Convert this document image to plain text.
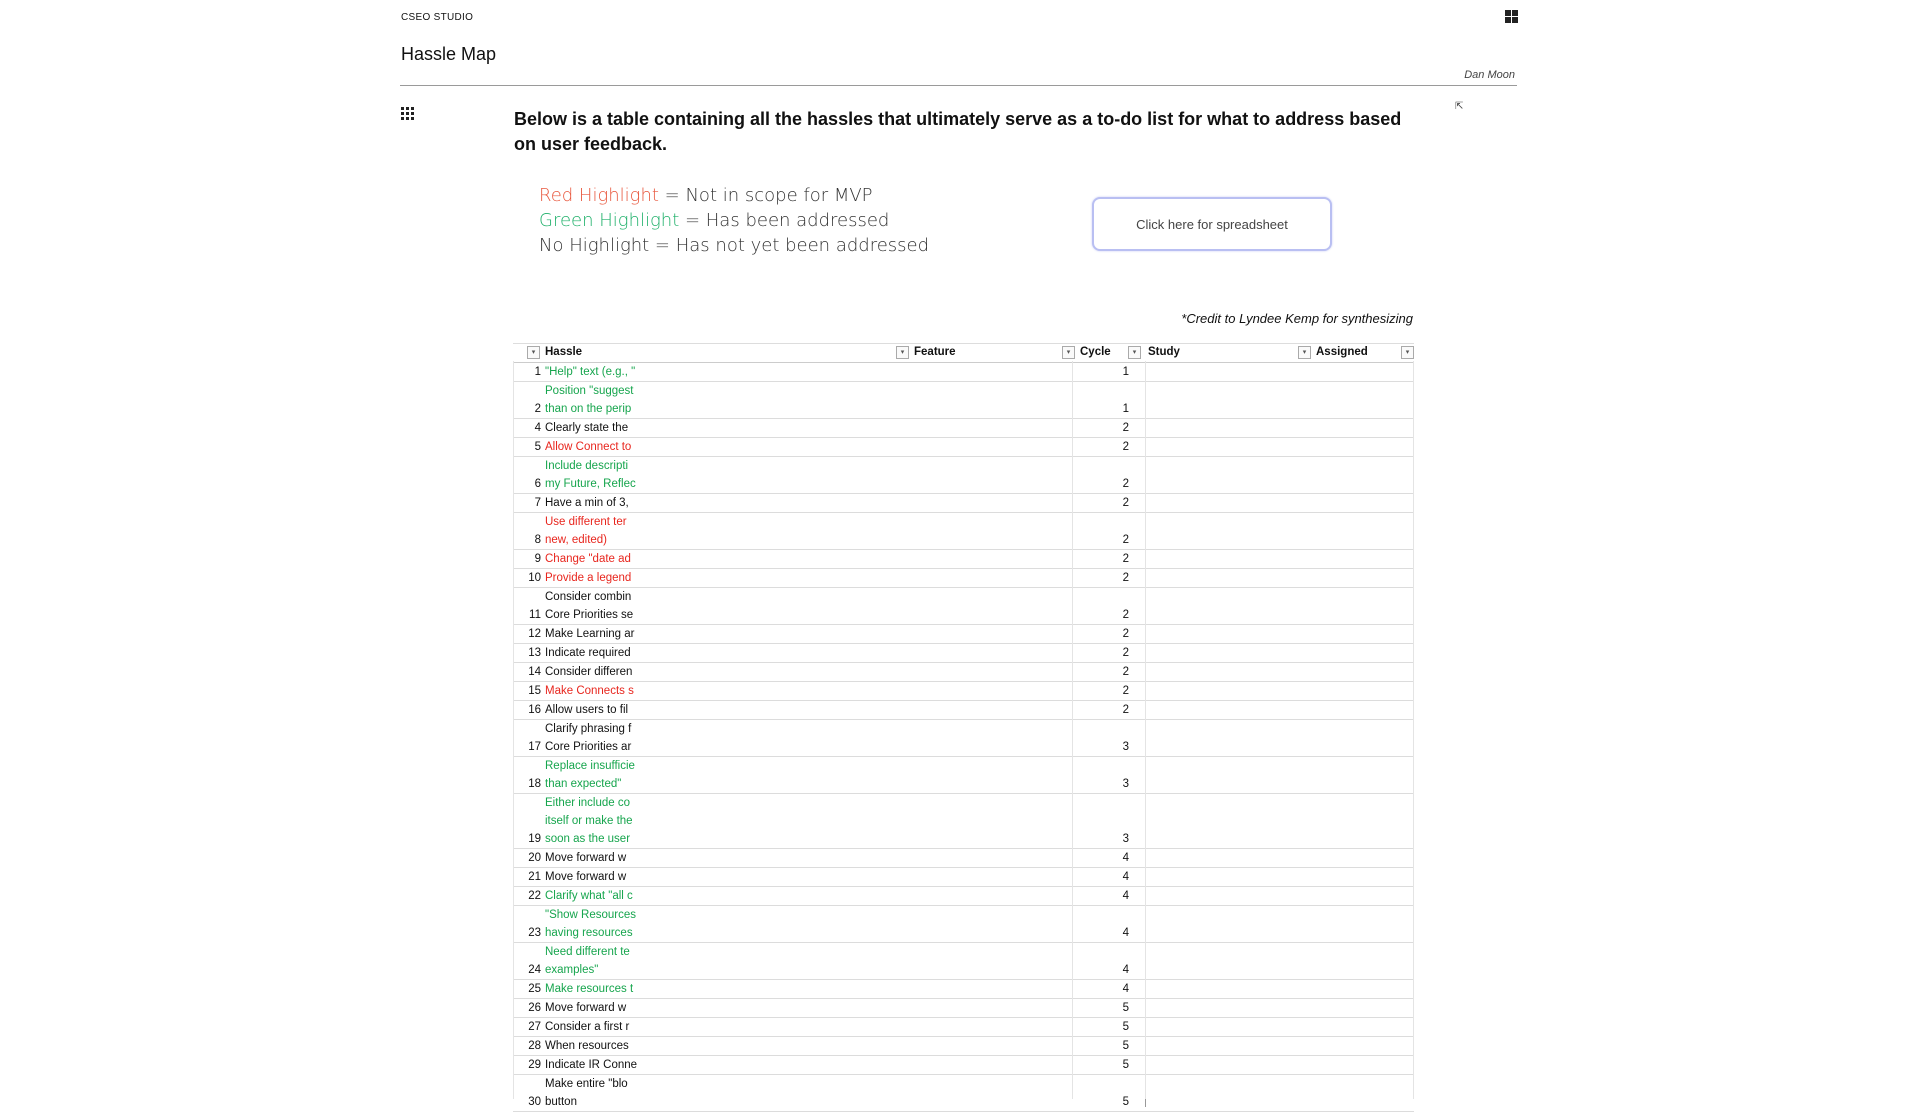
CSEO STUDIO
Hassle Map
Dan Moon
⇱
Below is a table containing all the hassles that ultimately serve as a to-do list for what to address based on user feedback.
Red Highlight = Not in scope for MVP
Green Highlight = Has been addressed
No Highlight = Has not yet been addressed
Click here for spreadsheet
*Credit to Lyndee Kemp for synthesizing
▾ Hassle	▾ Feature	▾ Cycle	▾	Study	▾ Assigned	▾
1 "Help" text (e.g., "	1
Position "suggest
2 than on the perip	1
4 Clearly state the	2
5 Allow Connect to	2
Include descripti
6 my Future, Reflec	2
7 Have a min of 3,	2
Use different ter
8 new, edited)	2
9 Change "date ad	2
10 Provide a legend	2
Consider combin
11 Core Priorities se	2
12 Make Learning ar	2
13 Indicate required	2
14 Consider differen	2
15 Make Connects s	2
16 Allow users to fil	2
Clarify phrasing f
17 Core Priorities ar	3
Replace insufficie
18 than expected"	3
Either include co
itself or make the
19 soon as the user	3
20 Move forward w	4
21 Move forward w	4
22 Clarify what "all c	4
"Show Resources
23 having resources	4
Need different te
24 examples"	4
25 Make resources t	4
26 Move forward w	5
27 Consider a first r	5
28 When resources	5
29 Indicate IR Conne	5
Make entire "blo
30 button	5
